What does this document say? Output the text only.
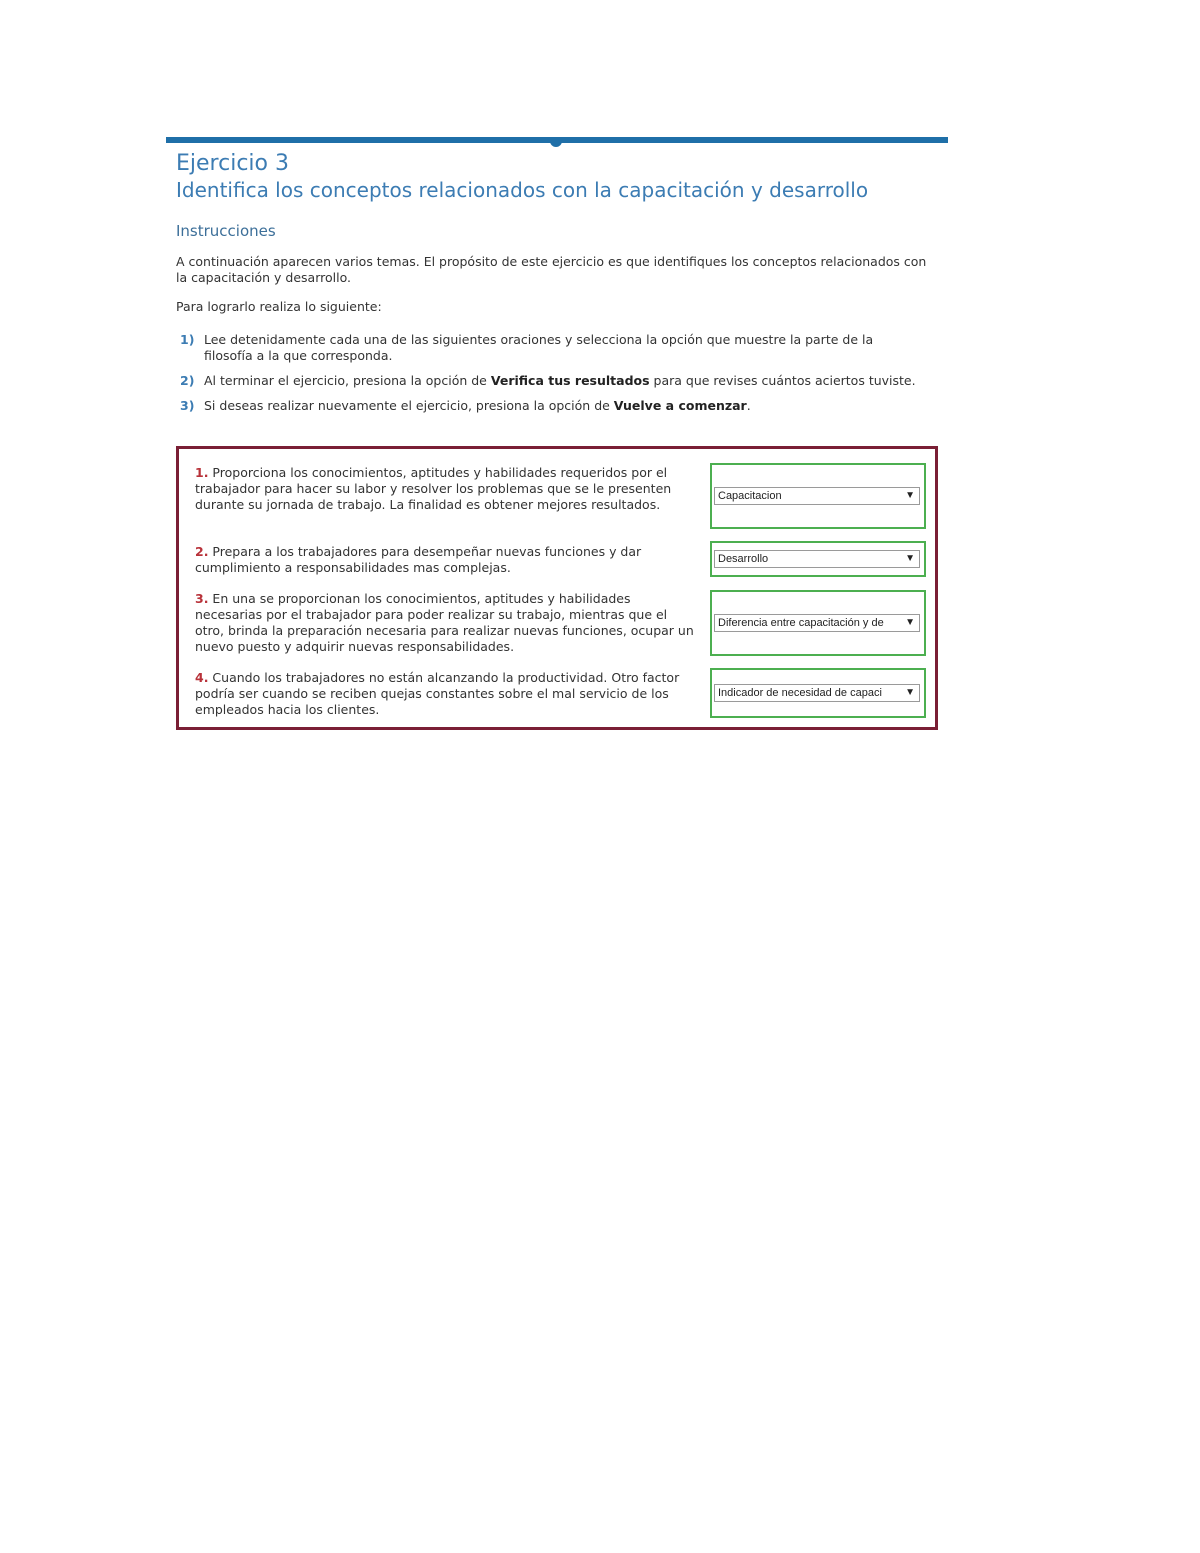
Ejercicio 3
Identifica los conceptos relacionados con la capacitación y desarrollo
Instrucciones

A continuación aparecen varios temas. El propósito de este ejercicio es que identifiques los conceptos relacionados con la capacitación y desarrollo.

Para lograrlo realiza lo siguiente:

1) Lee detenidamente cada una de las siguientes oraciones y selecciona la opción que muestre la parte de la filosofía a la que corresponda.
2) Al terminar el ejercicio, presiona la opción de Verifica tus resultados para que revises cuántos aciertos tuviste.
3) Si deseas realizar nuevamente el ejercicio, presiona la opción de Vuelve a comenzar.

1. Proporciona los conocimientos, aptitudes y habilidades requeridos por el trabajador para hacer su labor y resolver los problemas que se le presenten durante su jornada de trabajo. La finalidad es obtener mejores resultados.

Capacitacion	▼

2. Prepara a los trabajadores para desempeñar nuevas funciones y dar cumplimiento a responsabilidades mas complejas.

Desarrollo	▼

3. En una se proporcionan los conocimientos, aptitudes y habilidades necesarias por el trabajador para poder realizar su trabajo, mientras que el otro, brinda la preparación necesaria para realizar nuevas funciones, ocupar un nuevo puesto y adquirir nuevas responsabilidades.

Diferencia entre capacitación y de ▼

4. Cuando los trabajadores no están alcanzando la productividad. Otro factor podría ser cuando se reciben quejas constantes sobre el mal servicio de los empleados hacia los clientes.

Indicador de necesidad de capaci ▼
